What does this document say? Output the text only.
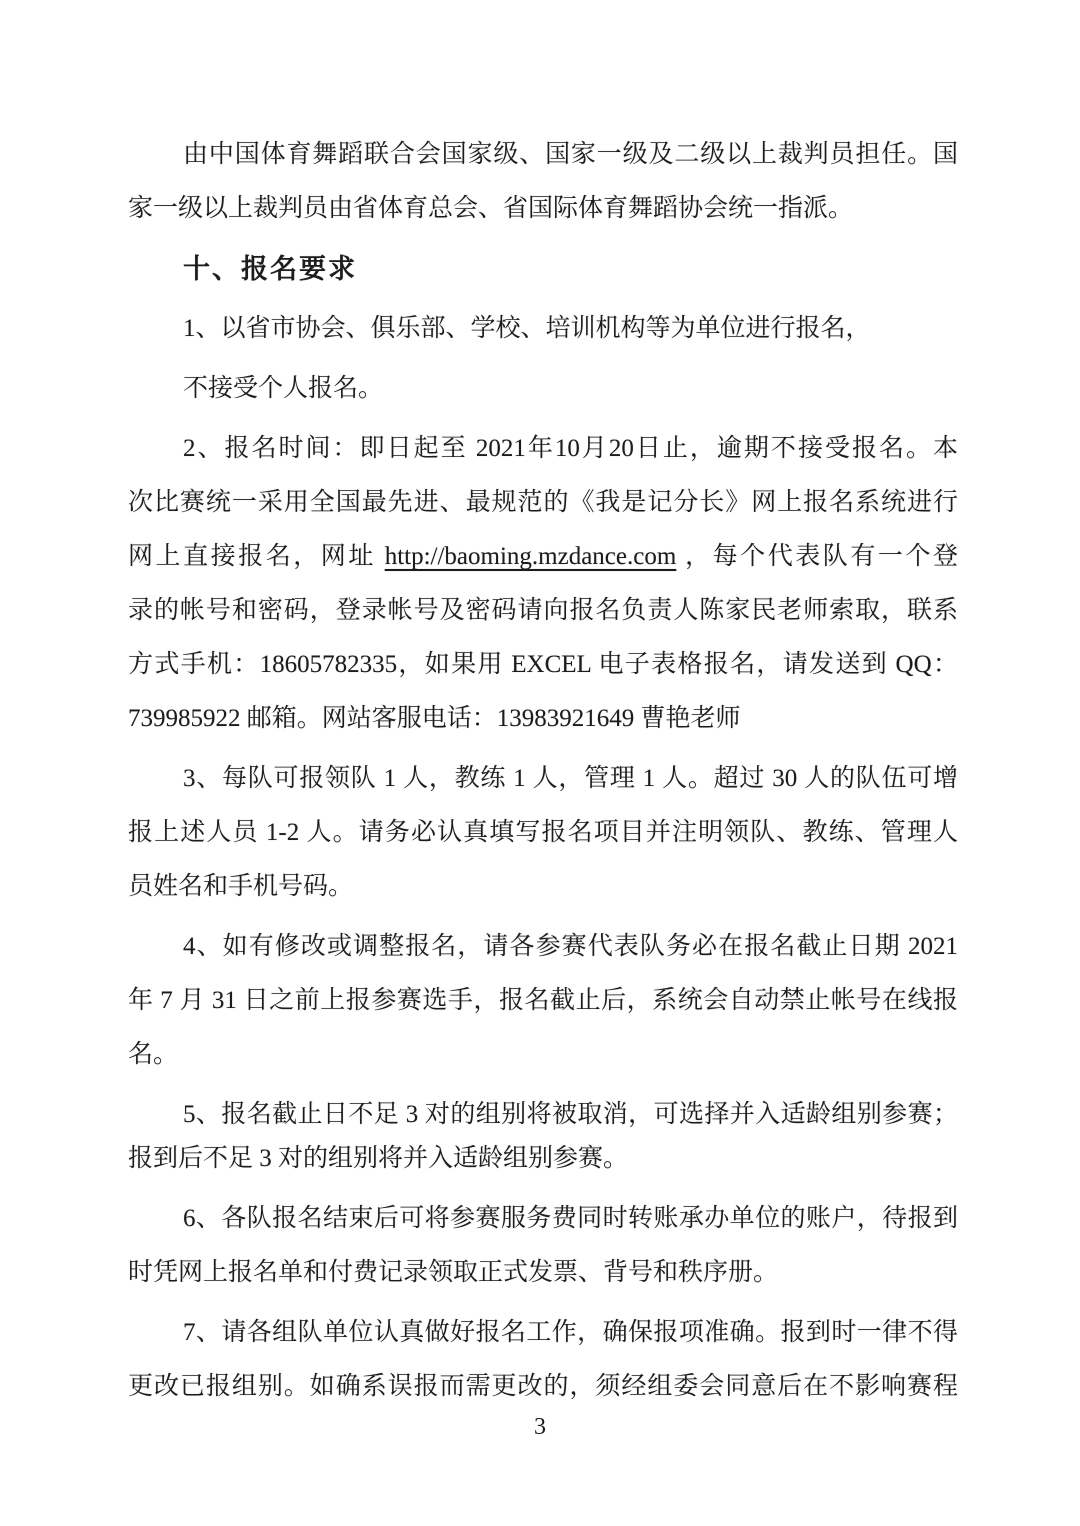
由中国体育舞蹈联合会国家级、国家一级及二级以上裁判员担任。国
家一级以上裁判员由省体育总会、省国际体育舞蹈协会统一指派。
十、报名要求
1、以省市协会、俱乐部、学校、培训机构等为单位进行报名，
不接受个人报名。
2、报名时间：即日起至 2021年10月20日止，逾期不接受报名。本
次比赛统一采用全国最先进、最规范的《我是记分长》网上报名系统进行
网上直接报名，网址 http://baoming.mzdance.com ，每个代表队有一个登
录的帐号和密码，登录帐号及密码请向报名负责人陈家民老师索取，联系
方式手机：18605782335，如果用 EXCEL 电子表格报名，请发送到 QQ：
739985922 邮箱。网站客服电话：13983921649 曹艳老师
3、每队可报领队 1 人，教练 1 人，管理 1 人。超过 30 人的队伍可增
报上述人员 1-2 人。请务必认真填写报名项目并注明领队、教练、管理人
员姓名和手机号码。
4、如有修改或调整报名，请各参赛代表队务必在报名截止日期 2021
年 7 月 31 日之前上报参赛选手，报名截止后，系统会自动禁止帐号在线报
名。
5、报名截止日不足 3 对的组别将被取消，可选择并入适龄组别参赛；
报到后不足 3 对的组别将并入适龄组别参赛。
6、各队报名结束后可将参赛服务费同时转账承办单位的账户，待报到
时凭网上报名单和付费记录领取正式发票、背号和秩序册。
7、请各组队单位认真做好报名工作，确保报项准确。报到时一律不得
更改已报组别。如确系误报而需更改的，须经组委会同意后在不影响赛程
3
